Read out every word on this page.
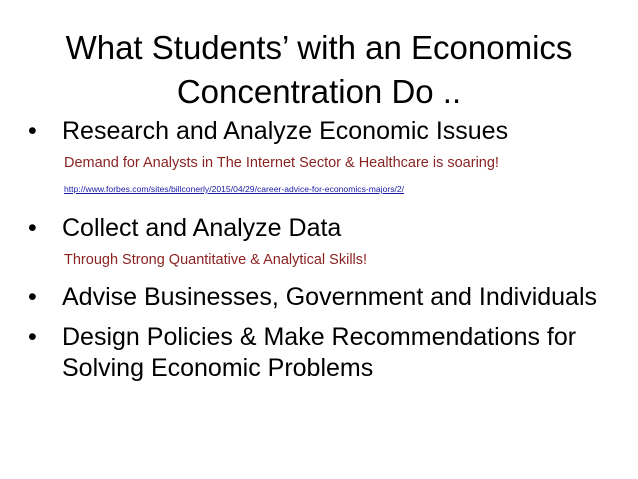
What Students’ with an Economics
Concentration Do ..
• Research and Analyze Economic Issues
Demand for Analysts in The Internet Sector & Healthcare is soaring!
http://www.forbes.com/sites/billconerly/2015/04/29/career-advice-for-economics-majors/2/
• Collect and Analyze Data
Through Strong Quantitative & Analytical Skills!
• Advise Businesses, Government and Individuals
• Design Policies & Make Recommendations for Solving Economic Problems
